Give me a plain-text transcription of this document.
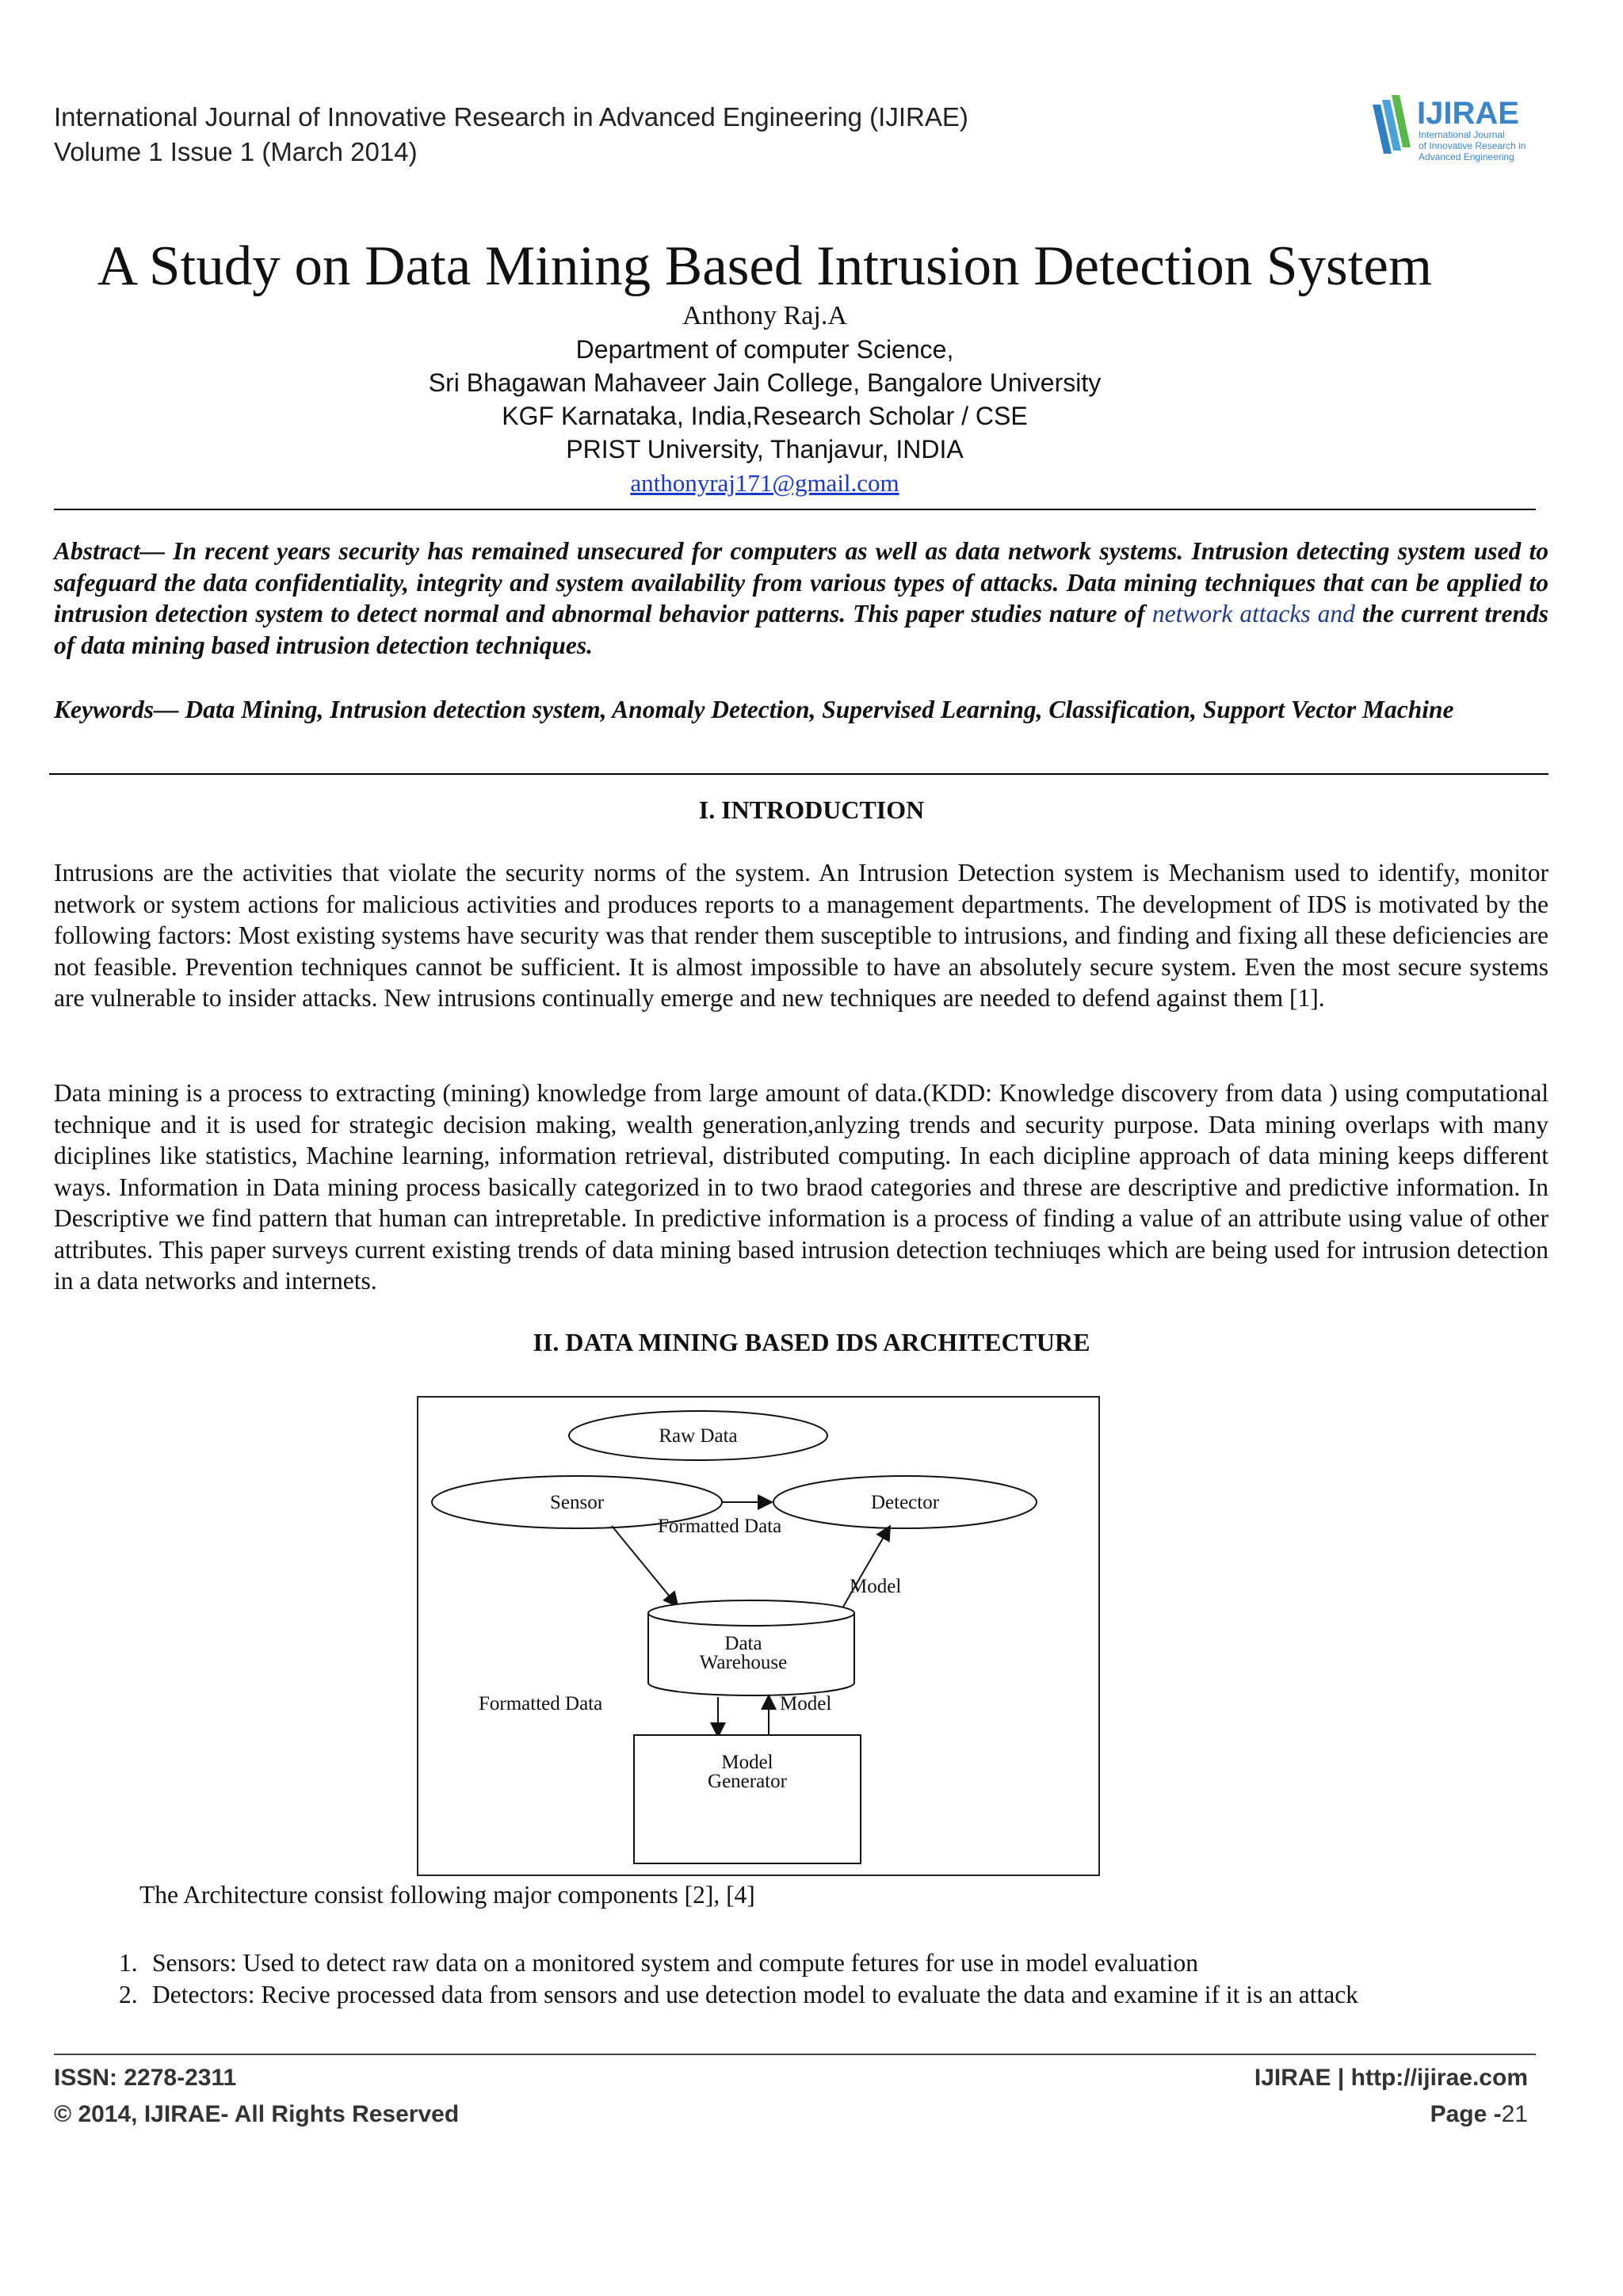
International Journal of Innovative Research in Advanced Engineering (IJIRAE)
Volume 1 Issue 1 (March 2014)
IJIRAE
International Journal
of Innovative Research in
Advanced Engineering
A Study on Data Mining Based Intrusion Detection System
Anthony Raj.A
Department of computer Science,
Sri Bhagawan Mahaveer Jain College, Bangalore University
KGF Karnataka, India,Research Scholar / CSE
PRIST University, Thanjavur, INDIA
anthonyraj171@gmail.com
Abstract— In recent years security has remained unsecured for computers as well as data network systems. Intrusion detecting system used to safeguard the data confidentiality, integrity and system availability from various types of attacks. Data mining techniques that can be applied to intrusion detection system to detect normal and abnormal behavior patterns. This paper studies nature of network attacks and the current trends of data mining based intrusion detection techniques.
Keywords— Data Mining, Intrusion detection system, Anomaly Detection, Supervised Learning, Classification, Support Vector Machine
I. INTRODUCTION
Intrusions are the activities that violate the security norms of the system. An Intrusion Detection system is Mechanism used to identify, monitor network or system actions for malicious activities and produces reports to a management departments. The development of IDS is motivated by the following factors: Most existing systems have security was that render them susceptible to intrusions, and finding and fixing all these deficiencies are not feasible. Prevention techniques cannot be sufficient. It is almost impossible to have an absolutely secure system. Even the most secure systems are vulnerable to insider attacks. New intrusions continually emerge and new techniques are needed to defend against them [1].
Data mining is a process to extracting (mining) knowledge from large amount of data.(KDD: Knowledge discovery from data ) using computational technique and it is used for strategic decision making, wealth generation,anlyzing trends and security purpose. Data mining overlaps with many diciplines like statistics, Machine learning, information retrieval, distributed computing. In each dicipline approach of data mining keeps different ways. Information in Data mining process basically categorized in to two braod categories and threse are descriptive and predictive information. In Descriptive we find pattern that human can intrepretable. In predictive information is a process of finding a value of an attribute using value of other attributes. This paper surveys current existing trends of data mining based intrusion detection techniuqes which are being used for intrusion detection in a data networks and internets.
II. DATA MINING BASED IDS ARCHITECTURE
Raw Data
Sensor	Detector
Formatted Data
Model
Data
Warehouse
Formatted Data	Model
Model
Generator
The Architecture consist following major components [2], [4]
1. Sensors: Used to detect raw data on a monitored system and compute fetures for use in model evaluation
2. Detectors: Recive processed data from sensors and use detection model to evaluate the data and examine if it is an attack
ISSN: 2278-2311
© 2014, IJIRAE- All Rights Reserved
IJIRAE | http://ijirae.com
Page -21
